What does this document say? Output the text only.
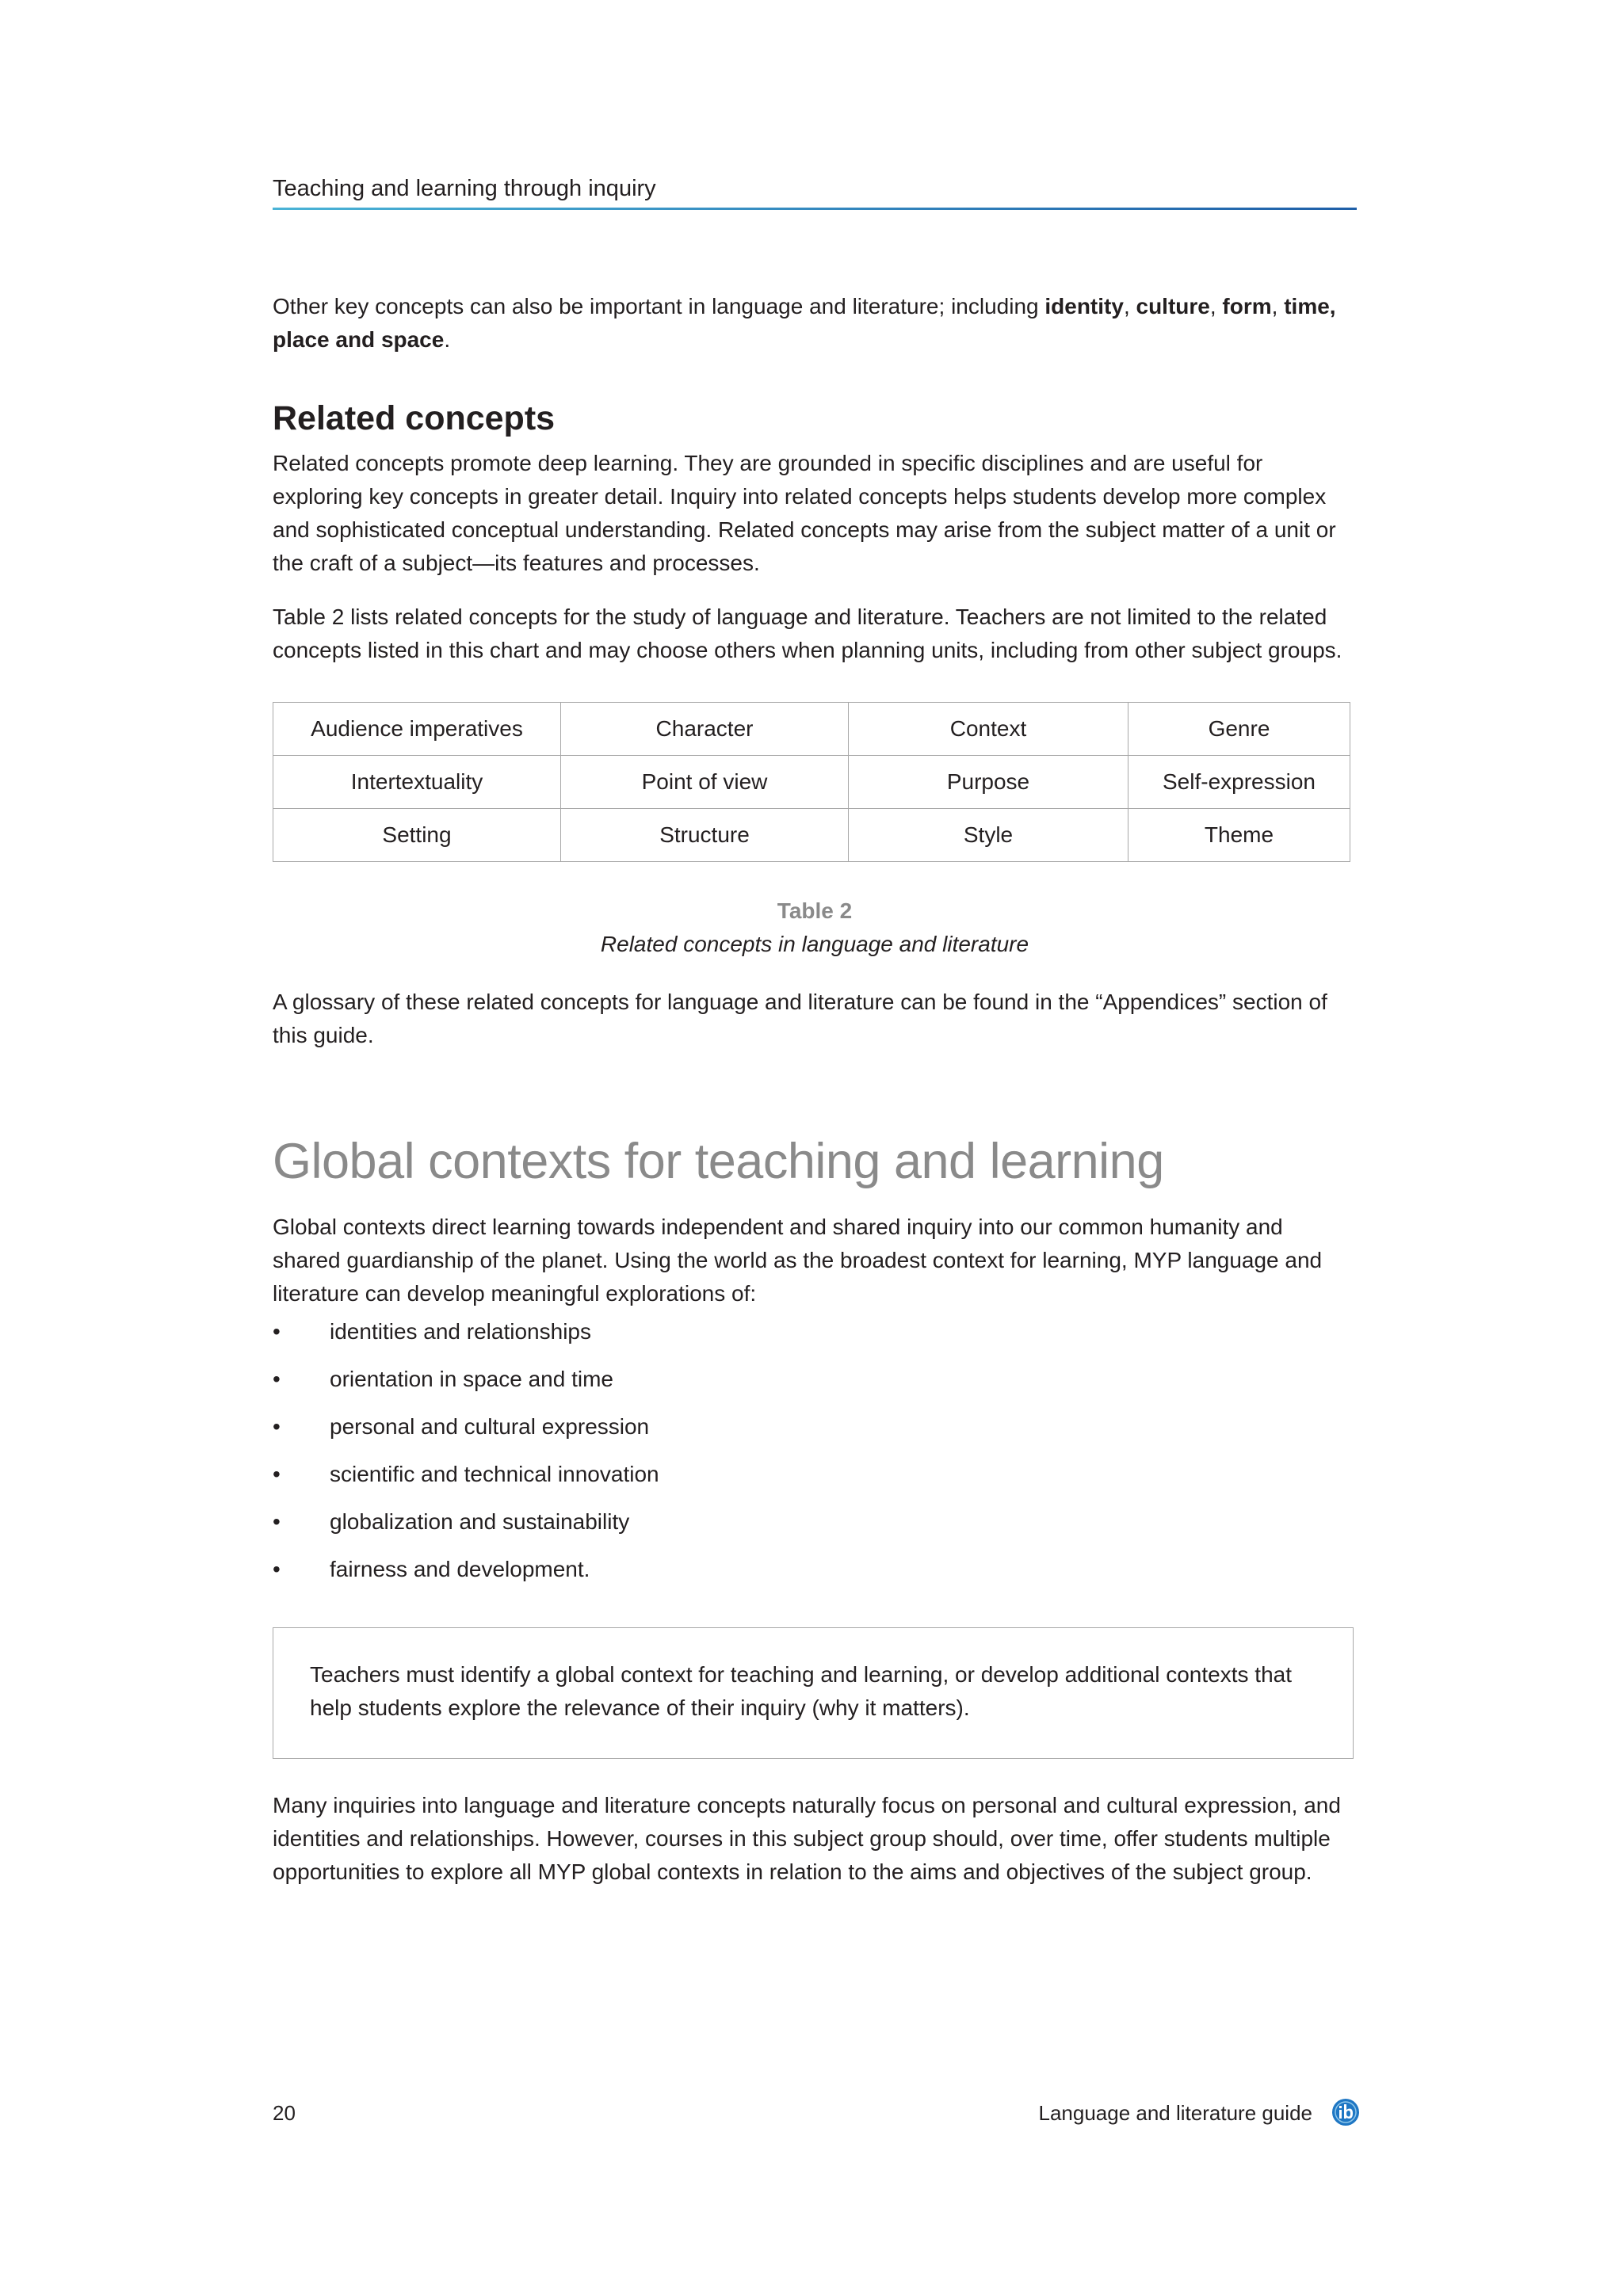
Teaching and learning through inquiry
Other key concepts can also be important in language and literature; including identity, culture, form, time, place and space.
Related concepts
Related concepts promote deep learning. They are grounded in specific disciplines and are useful for exploring key concepts in greater detail. Inquiry into related concepts helps students develop more complex and sophisticated conceptual understanding. Related concepts may arise from the subject matter of a unit or the craft of a subject—its features and processes.
Table 2 lists related concepts for the study of language and literature. Teachers are not limited to the related concepts listed in this chart and may choose others when planning units, including from other subject groups.
Audience imperatives	Character	Context	Genre
Intertextuality	Point of view	Purpose	Self-expression
Setting	Structure	Style	Theme
Table 2
Related concepts in language and literature
A glossary of these related concepts for language and literature can be found in the “Appendices” section of this guide.
Global contexts for teaching and learning
Global contexts direct learning towards independent and shared inquiry into our common humanity and shared guardianship of the planet. Using the world as the broadest context for learning, MYP language and literature can develop meaningful explorations of:
• identities and relationships
• orientation in space and time
• personal and cultural expression
• scientific and technical innovation
• globalization and sustainability
• fairness and development.
Teachers must identify a global context for teaching and learning, or develop additional contexts that help students explore the relevance of their inquiry (why it matters).
Many inquiries into language and literature concepts naturally focus on personal and cultural expression, and identities and relationships. However, courses in this subject group should, over time, offer students multiple opportunities to explore all MYP global contexts in relation to the aims and objectives of the subject group.
20	Language and literature guide
